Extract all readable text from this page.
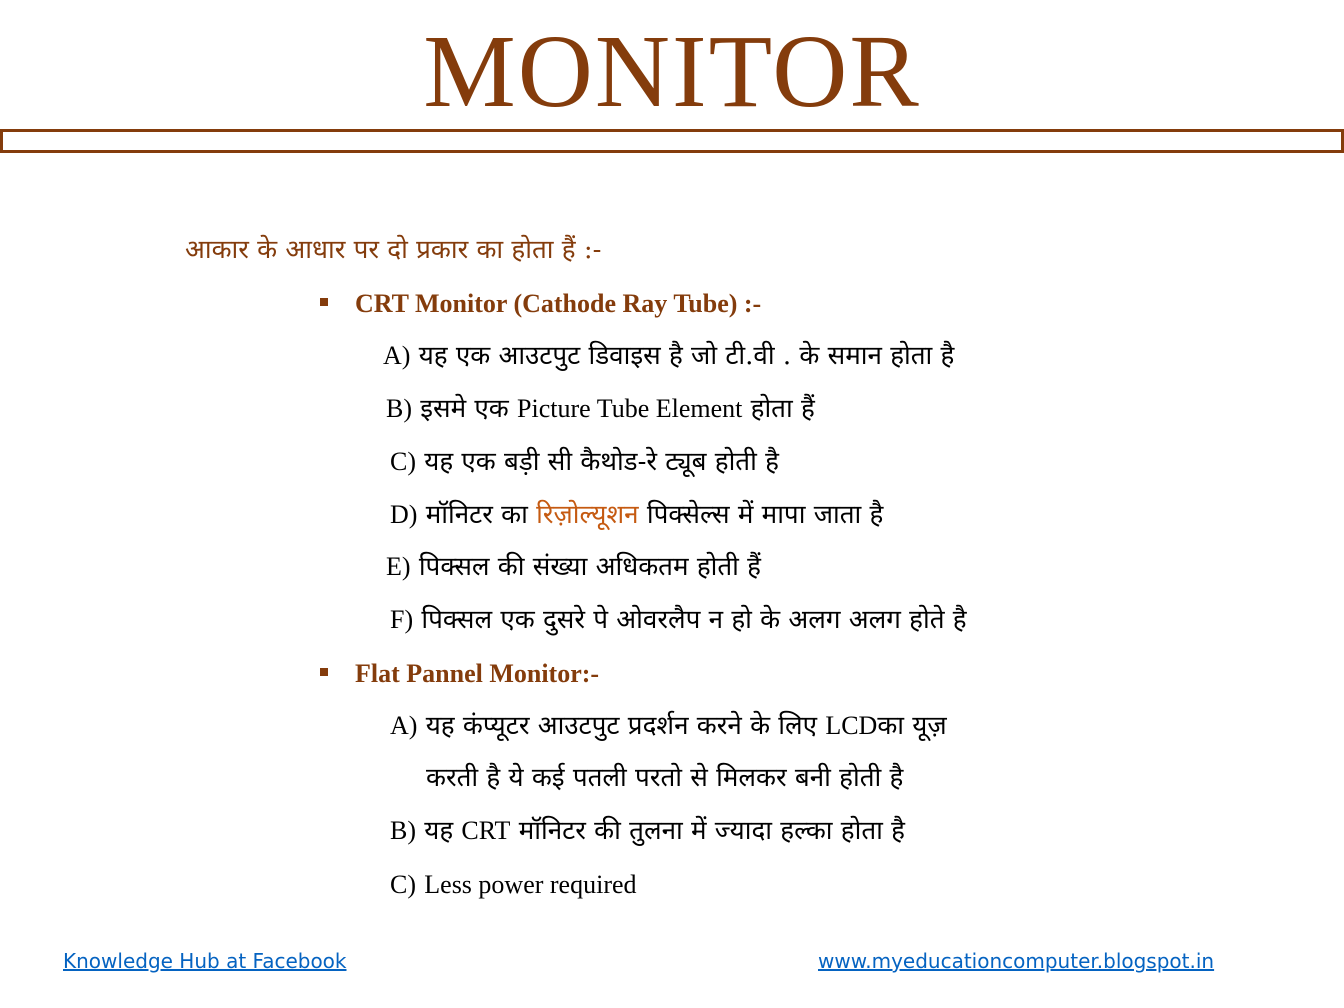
MONITOR
आकार के आधार पर दो प्रकार का होता हैं :-
CRT Monitor (Cathode Ray Tube) :-
A) यह एक आउटपुट डिवाइस है जो टी.वी . के समान होता है
B) इसमे एक Picture Tube Element होता हैं
C) यह एक बड़ी सी कैथोड-रे ट्यूब होती है
D) मॉनिटर का रिज़ोल्यूशन पिक्सेल्स में मापा जाता है
E) पिक्सल की संख्या अधिकतम होती हैं
F) पिक्सल एक दुसरे पे ओवरलैप न हो के अलग अलग होते है
Flat Pannel Monitor:-
A) यह कंप्यूटर आउटपुट प्रदर्शन करने के लिए LCDका यूज़
करती है ये कई पतली परतो से मिलकर बनी होती है
B) यह CRT मॉनिटर की तुलना में ज्यादा हल्का होता है
C) Less power required
Knowledge Hub at Facebook	www.myeducationcomputer.blogspot.in
